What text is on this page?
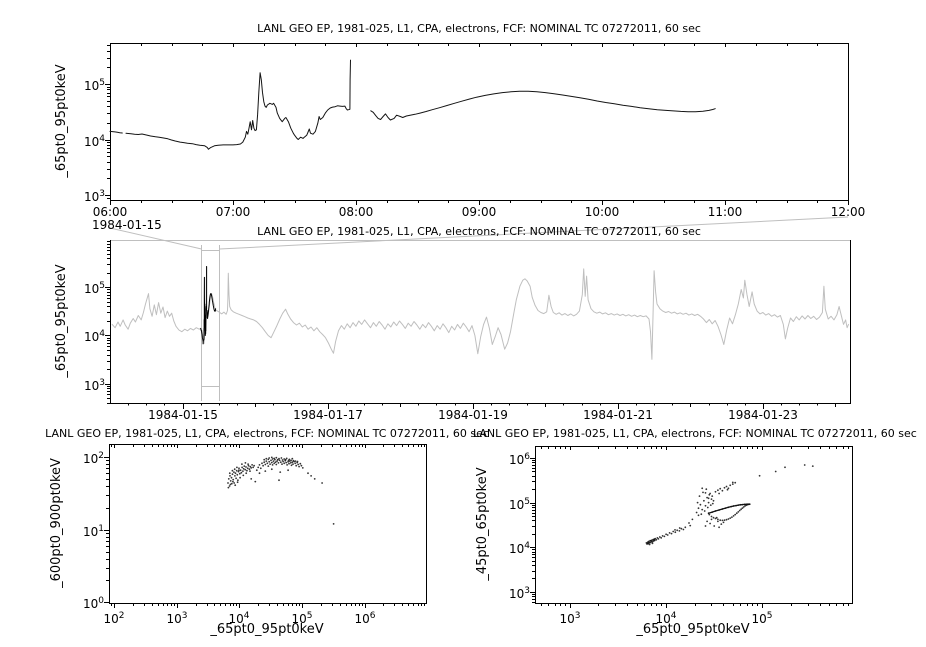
LANL GEO EP, 1981-025, L1, CPA, electrons, FCF: NOMINAL TC 07272011, 60 sec
_65pt0_95pt0keV
1984-01-15	LANL GEO EP, 1981-025, L1, CPA, electrons, FCF: NOMINAL TC 07272011, 60 sec
_65pt0_95pt0keV
LANL GEO EP, 1981-025, L1, CPA, electrons, FCF: NOMINAL TC 07272011, 60 sec
_600pt0_900pt0keV
_65pt0_95pt0keV
LANL GEO EP, 1981-025, L1, CPA, electrons, FCF: NOMINAL TC 07272011, 60 sec
_45pt0_65pt0keV
_65pt0_95pt0keV
06:00	07:00	08:00	09:00	10:00	11:00	12:00
$10^3$
$10^4$
$10^5$
1984-01-15	1984-01-17	1984-01-19	1984-01-21	1984-01-23
$10^3$
$10^4$
$10^5$
$10^2$	$10^3$	$10^4$	$10^5$	$10^6$
$10^0$
$10^1$
$10^2$
$10^3$	$10^4$	$10^5$
$10^3$
$10^4$
$10^5$
$10^6$
